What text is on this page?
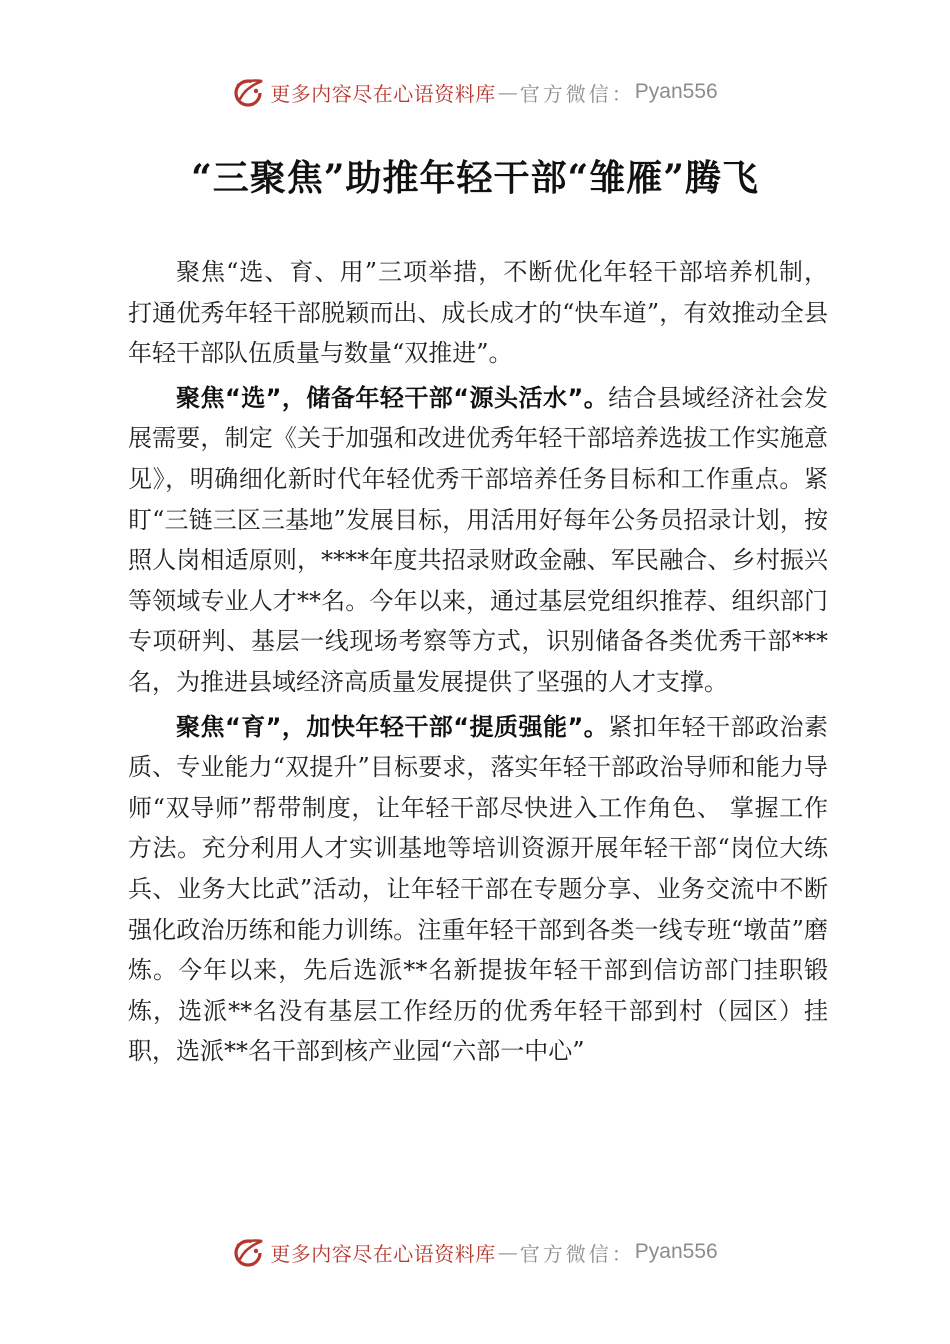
更多内容尽在心语资料库 — 官方微信： Pyan556
“三聚焦”助推年轻干部“雏雁”腾飞

聚焦“选、育、用”三项举措，不断优化年轻干部培养机制， 打通优秀年轻干部脱颖而出、成长成才的“快车道”，有效推动全县年轻干部队伍质量与数量“双推进”。

聚焦“选”，储备年轻干部“源头活水”。结合县域经济社会发展需要，制定《关于加强和改进优秀年轻干部培养选拔工作实施意见》，明确细化新时代年轻优秀干部培养任务目标和工作重点。紧盯“三链三区三基地”发展目标，用活用好每年公务员招录计划，按照人岗相适原则，****年度共招录财政金融、军民融合、乡村振兴等领域专业人才**名。今年以来，通过基层党组织推荐、组织部门专项研判、基层一线现场考察等方式，识别储备各类优秀干部***名，为推进县域经济高质量发展提供了坚强的人才支撑。

聚焦“育”，加快年轻干部“提质强能”。紧扣年轻干部政治素质、专业能力“双提升”目标要求，落实年轻干部政治导师和能力导师“双导师”帮带制度，让年轻干部尽快进入工作角色、 掌握工作方法。充分利用人才实训基地等培训资源开展年轻干部“岗位大练兵、业务大比武”活动，让年轻干部在专题分享、业务交流中不断强化政治历练和能力训练。注重年轻干部到各类一线专班“墩苗”磨炼。今年以来，先后选派**名新提拔年轻干部到信访部门挂职锻炼，选派**名没有基层工作经历的优秀年轻干部到村（园区）挂职，选派**名干部到核产业园“六部一中心”

更多内容尽在心语资料库 — 官方微信： Pyan556
